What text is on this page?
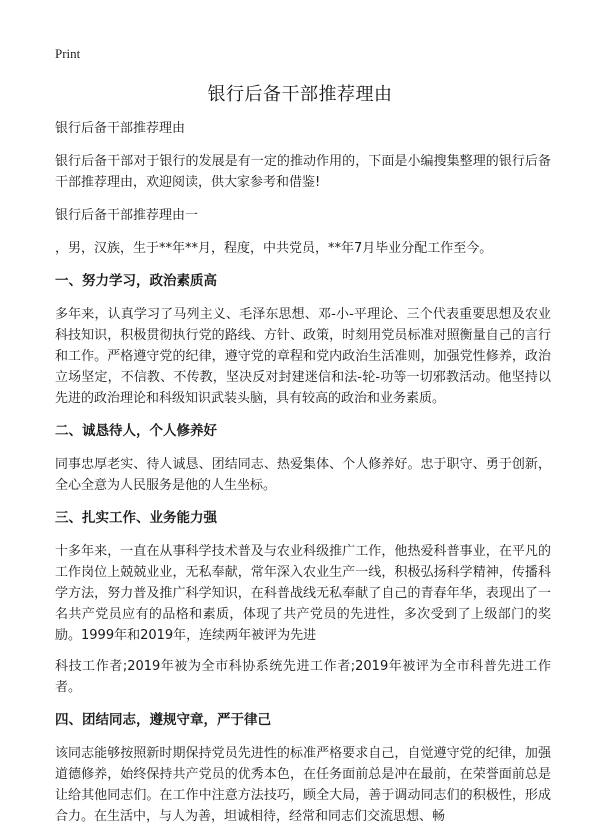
Print
银行后备干部推荐理由

银行后备干部推荐理由

银行后备干部对于银行的发展是有一定的推动作用的，下面是小编搜集整理的银行后备干部推荐理由，欢迎阅读，供大家参考和借鉴!

银行后备干部推荐理由一

，男，汉族，生于**年**月，程度，中共党员，**年7月毕业分配工作至今。

一、努力学习，政治素质高

多年来，认真学习了马列主义、毛泽东思想、邓-小-平理论、三个代表重要思想及农业科技知识，积极贯彻执行党的路线、方针、政策，时刻用党员标准对照衡量自己的言行和工作。严格遵守党的纪律，遵守党的章程和党内政治生活准则，加强党性修养，政治立场坚定，不信教、不传教，坚决反对封建迷信和法-轮-功等一切邪教活动。他坚持以先进的政治理论和科级知识武装头脑，具有较高的政治和业务素质。

二、诚恳待人，个人修养好

同事忠厚老实、待人诚恳、团结同志、热爱集体、个人修养好。忠于职守、勇于创新，全心全意为人民服务是他的人生坐标。

三、扎实工作、业务能力强

十多年来，一直在从事科学技术普及与农业科级推广工作，他热爱科普事业，在平凡的工作岗位上兢兢业业，无私奉献，常年深入农业生产一线，积极弘扬科学精神，传播科学方法，努力普及推广科学知识，在科普战线无私奉献了自己的青春年华，表现出了一名共产党员应有的品格和素质，体现了共产党员的先进性，多次受到了上级部门的奖励。1999年和2019年，连续两年被评为先进

科技工作者;2019年被为全市科协系统先进工作者;2019年被评为全市科普先进工作者。

四、团结同志，遵规守章，严于律己

该同志能够按照新时期保持党员先进性的标准严格要求自己，自觉遵守党的纪律，加强道德修养，始终保持共产党员的优秀本色，在任务面前总是冲在最前，在荣誉面前总是让给其他同志们。在工作中注意方法技巧，顾全大局，善于调动同志们的积极性，形成合力。在生活中，与人为善，坦诚相待，经常和同志们交流思想、畅
